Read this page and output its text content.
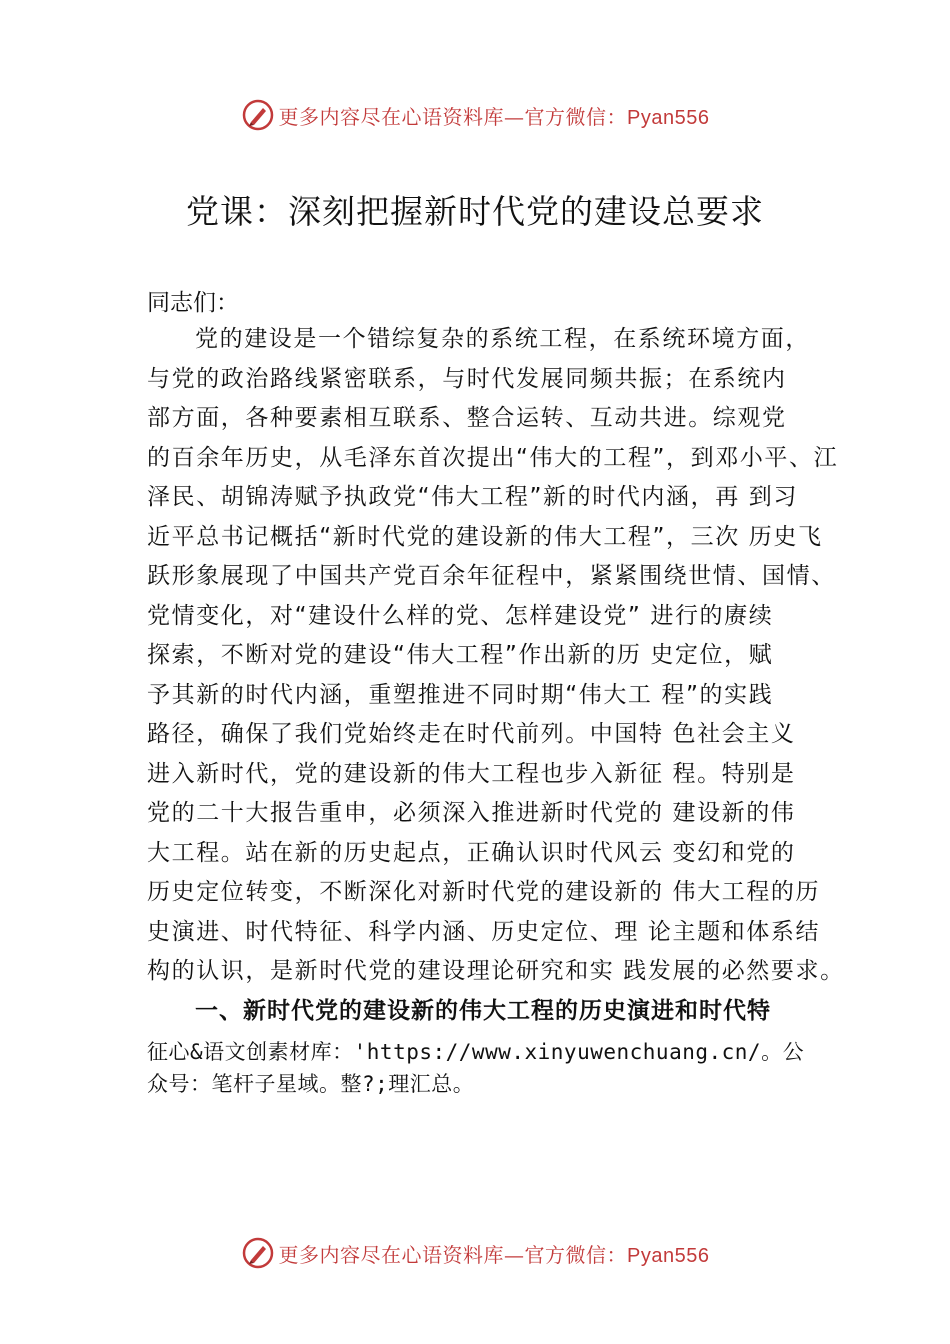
更多内容尽在心语资料库—官方微信：Pyan556
党课：深刻把握新时代党的建设总要求
同志们：
党的建设是一个错综复杂的系统工程，在系统环境方面，
与党的政治路线紧密联系，与时代发展同频共振；在系统内
部方面，各种要素相互联系、整合运转、互动共进。综观党
的百余年历史，从毛泽东首次提出“伟大的工程”，到邓小平、江
泽民、胡锦涛赋予执政党“伟大工程”新的时代内涵，再 到习
近平总书记概括“新时代党的建设新的伟大工程”，三次 历史飞
跃形象展现了中国共产党百余年征程中，紧紧围绕世情、国情、
党情变化，对“建设什么样的党、怎样建设党” 进行的赓续
探索，不断对党的建设“伟大工程”作出新的历 史定位，赋
予其新的时代内涵，重塑推进不同时期“伟大工 程”的实践
路径，确保了我们党始终走在时代前列。中国特 色社会主义
进入新时代，党的建设新的伟大工程也步入新征 程。特别是
党的二十大报告重申，必须深入推进新时代党的 建设新的伟
大工程。站在新的历史起点，正确认识时代风云 变幻和党的
历史定位转变，不断深化对新时代党的建设新的 伟大工程的历
史演进、时代特征、科学内涵、历史定位、理 论主题和体系结
构的认识，是新时代党的建设理论研究和实 践发展的必然要求。
一、新时代党的建设新的伟大工程的历史演进和时代特
征心&语文创素材库：'https://www.xinyuwenchuang.cn/。公
众号：笔杆子星域。整?;理汇总。
更多内容尽在心语资料库—官方微信：Pyan556
